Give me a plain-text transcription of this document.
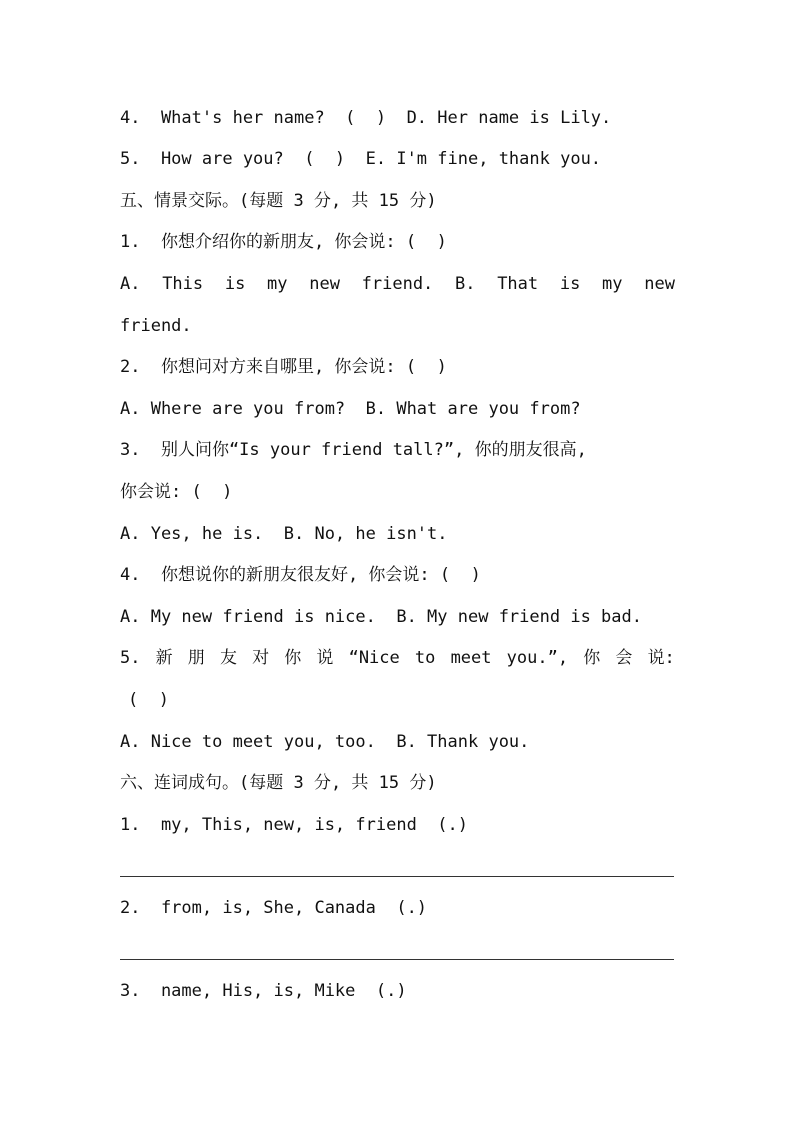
4.  What's her name?  (  )  D. Her name is Lily.
5.  How are you?  (  )  E. I'm fine, thank you.
五、情景交际。(每题 3 分, 共 15 分)
1.  你想介绍你的新朋友, 你会说: (  )
A. This is my new friend. B. That is my new
friend.
2.  你想问对方来自哪里, 你会说: (  )
A. Where are you from?  B. What are you from?
3.  别人问你“Is your friend tall?”, 你的朋友很高,
你会说: (  )
A. Yes, he is.  B. No, he isn't.
4.  你想说你的新朋友很友好, 你会说: (  )
A. My new friend is nice.  B. My new friend is bad.
5. 新 朋 友 对 你 说 “Nice to meet you.”, 你 会 说:
(  )
A. Nice to meet you, too.  B. Thank you.
六、连词成句。(每题 3 分, 共 15 分)
1.  my, This, new, is, friend  (.)
2.  from, is, She, Canada  (.)
3.  name, His, is, Mike  (.)
